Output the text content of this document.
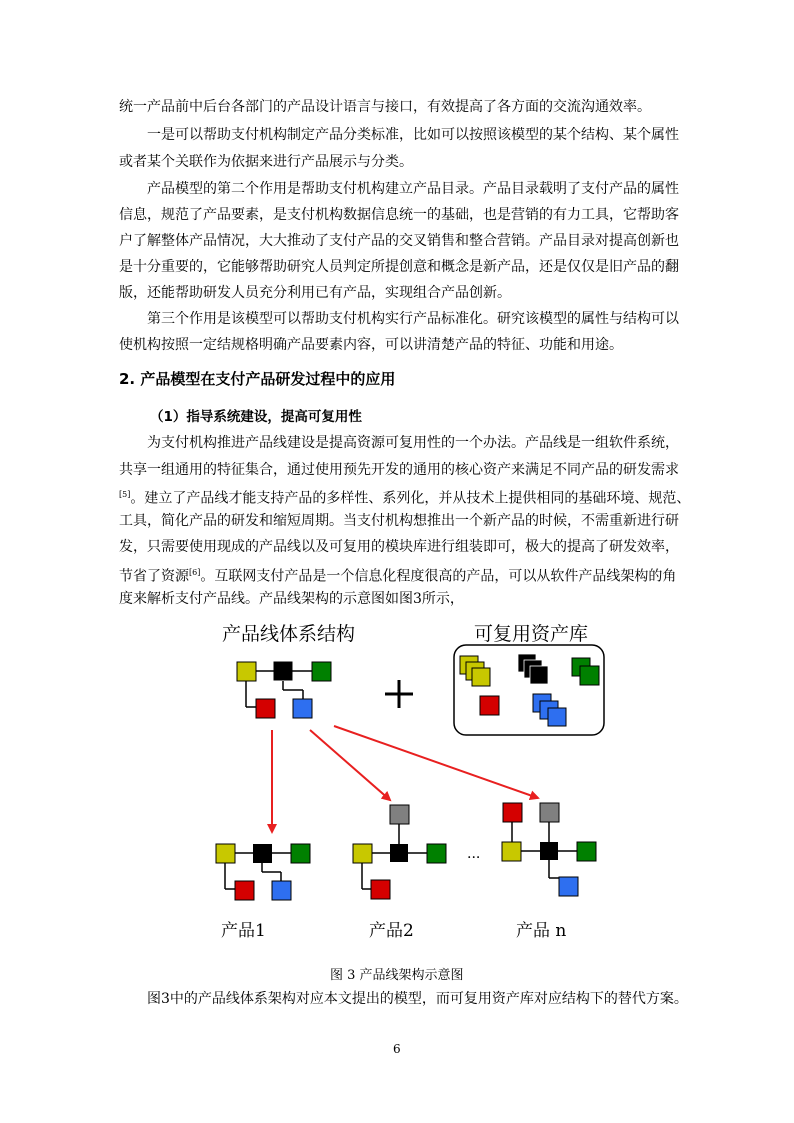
统一产品前中后台各部门的产品设计语言与接口，有效提高了各方面的交流沟通效率。
一是可以帮助支付机构制定产品分类标准，比如可以按照该模型的某个结构、某个属性
或者某个关联作为依据来进行产品展示与分类。
产品模型的第二个作用是帮助支付机构建立产品目录。产品目录载明了支付产品的属性
信息，规范了产品要素，是支付机构数据信息统一的基础，也是营销的有力工具，它帮助客
户了解整体产品情况，大大推动了支付产品的交叉销售和整合营销。产品目录对提高创新也
是十分重要的，它能够帮助研究人员判定所提创意和概念是新产品，还是仅仅是旧产品的翻
版，还能帮助研发人员充分利用已有产品，实现组合产品创新。
第三个作用是该模型可以帮助支付机构实行产品标准化。研究该模型的属性与结构可以
使机构按照一定结规格明确产品要素内容，可以讲清楚产品的特征、功能和用途。
2. 产品模型在支付产品研发过程中的应用
（1）指导系统建设，提高可复用性
为支付机构推进产品线建设是提高资源可复用性的一个办法。产品线是一组软件系统，
共享一组通用的特征集合，通过使用预先开发的通用的核心资产来满足不同产品的研发需求
[5]。建立了产品线才能支持产品的多样性、系列化，并从技术上提供相同的基础环境、规范、
工具，简化产品的研发和缩短周期。当支付机构想推出一个新产品的时候，不需重新进行研
发，只需要使用现成的产品线以及可复用的模块库进行组装即可，极大的提高了研发效率，
节省了资源[6]。互联网支付产品是一个信息化程度很高的产品，可以从软件产品线架构的角
度来解析支付产品线。产品线架构的示意图如图3所示，
产品线体系结构	可复用资产库
...
产品1	产品2	产品 n
图 3 产品线架构示意图
图3中的产品线体系架构对应本文提出的模型，而可复用资产库对应结构下的替代方案。
6
